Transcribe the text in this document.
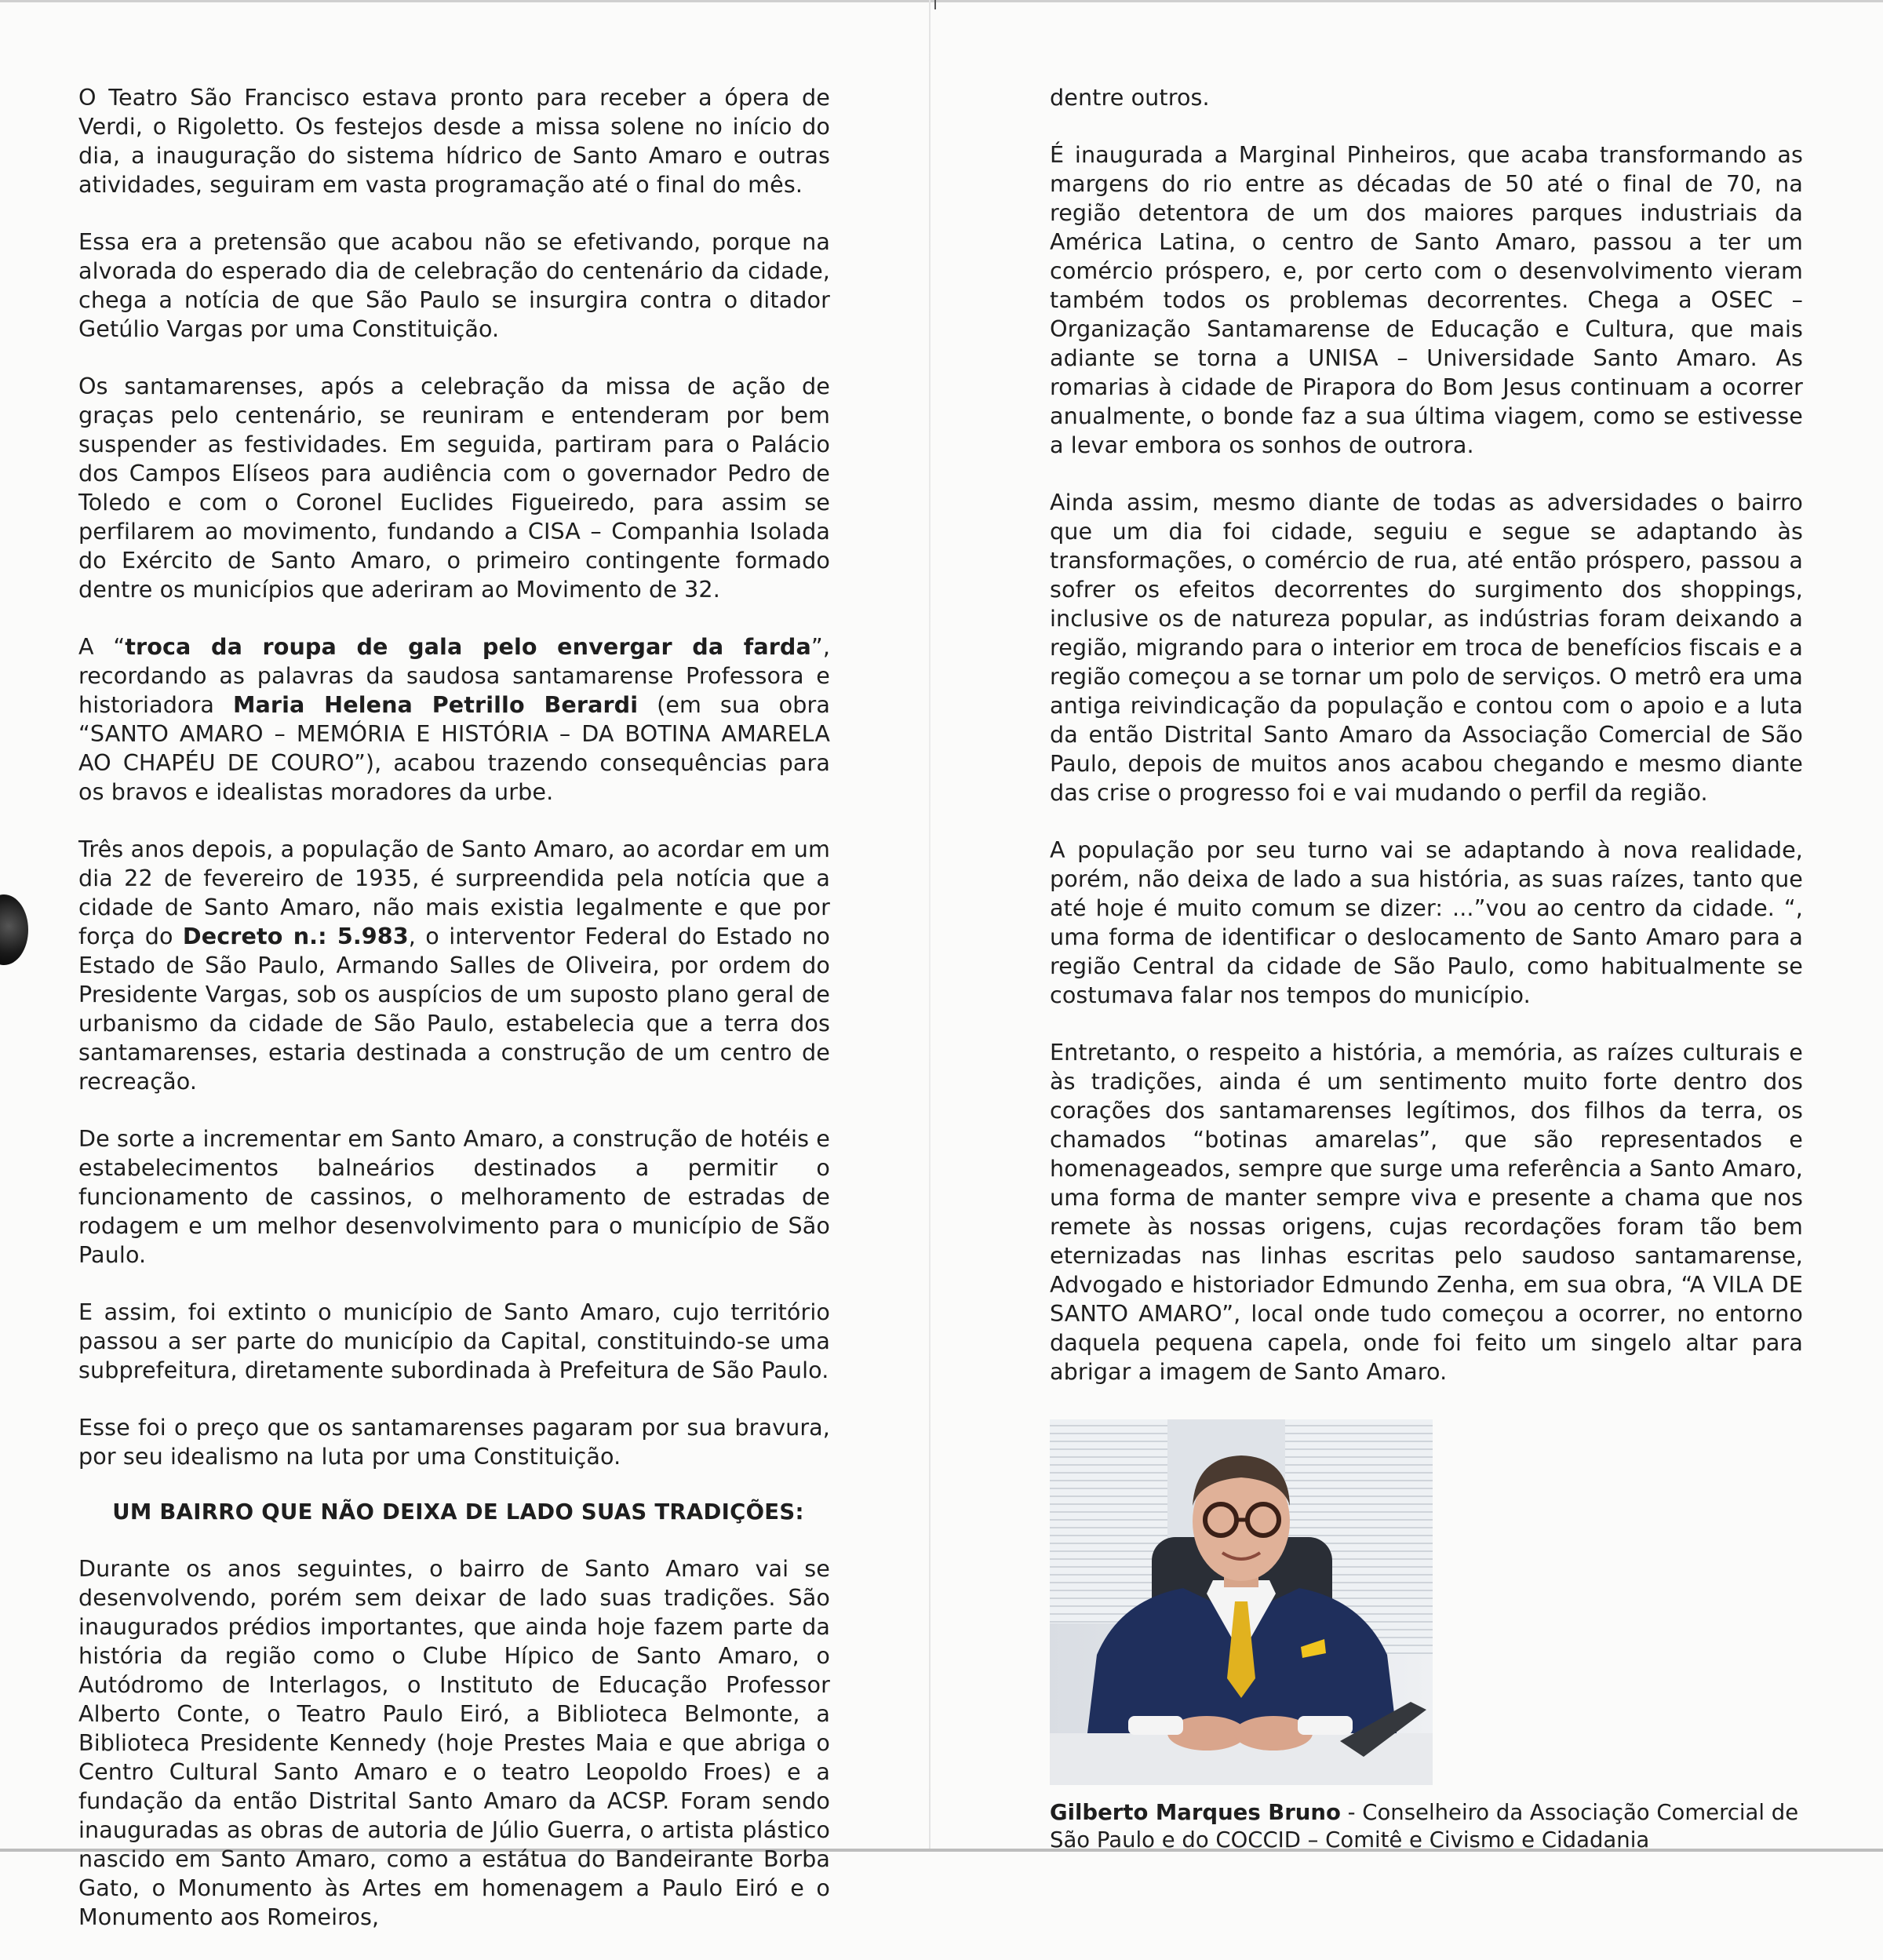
O Teatro São Francisco estava pronto para receber a ópera de Verdi, o Rigoletto. Os festejos desde a missa solene no início do dia, a inauguração do sistema hídrico de Santo Amaro e outras atividades, seguiram em vasta programação até o final do mês.

Essa era a pretensão que acabou não se efetivando, porque na alvorada do esperado dia de celebração do centenário da cidade, chega a notícia de que São Paulo se insurgira contra o ditador Getúlio Vargas por uma Constituição.

Os santamarenses, após a celebração da missa de ação de graças pelo centenário, se reuniram e entenderam por bem suspender as festividades. Em seguida, partiram para o Palácio dos Campos Elíseos para audiência com o governador Pedro de Toledo e com o Coronel Euclides Figueiredo, para assim se perfilarem ao movimento, fundando a CISA – Companhia Isolada do Exército de Santo Amaro, o primeiro contingente formado dentre os municípios que aderiram ao Movimento de 32.

A “troca da roupa de gala pelo envergar da farda”, recordando as palavras da saudosa santamarense Professora e historiadora Maria Helena Petrillo Berardi (em sua obra “SANTO AMARO – MEMÓRIA E HISTÓRIA – DA BOTINA AMARELA AO CHAPÉU DE COURO”), acabou trazendo consequências para os bravos e idealistas moradores da urbe.

Três anos depois, a população de Santo Amaro, ao acordar em um dia 22 de fevereiro de 1935, é surpreendida pela notícia que a cidade de Santo Amaro, não mais existia legalmente e que por força do Decreto n.: 5.983, o interventor Federal do Estado no Estado de São Paulo, Armando Salles de Oliveira, por ordem do Presidente Vargas, sob os auspícios de um suposto plano geral de urbanismo da cidade de São Paulo, estabelecia que a terra dos santamarenses, estaria destinada a construção de um centro de recreação.

De sorte a incrementar em Santo Amaro, a construção de hotéis e estabelecimentos balneários destinados a permitir o funcionamento de cassinos, o melhoramento de estradas de rodagem e um melhor desenvolvimento para o município de São Paulo.

E assim, foi extinto o município de Santo Amaro, cujo território passou a ser parte do município da Capital, constituindo-se uma subprefeitura, diretamente subordinada à Prefeitura de São Paulo.

Esse foi o preço que os santamarenses pagaram por sua bravura, por seu idealismo na luta por uma Constituição.

UM BAIRRO QUE NÃO DEIXA DE LADO SUAS TRADIÇÕES:

Durante os anos seguintes, o bairro de Santo Amaro vai se desenvolvendo, porém sem deixar de lado suas tradições. São inaugurados prédios importantes, que ainda hoje fazem parte da história da região como o Clube Hípico de Santo Amaro, o Autódromo de Interlagos, o Instituto de Educação Professor Alberto Conte, o Teatro Paulo Eiró, a Biblioteca Belmonte, a Biblioteca Presidente Kennedy (hoje Prestes Maia e que abriga o Centro Cultural Santo Amaro e o teatro Leopoldo Froes) e a fundação da então Distrital Santo Amaro da ACSP. Foram sendo inauguradas as obras de autoria de Júlio Guerra, o artista plástico nascido em Santo Amaro, como a estátua do Bandeirante Borba Gato, o Monumento às Artes em homenagem a Paulo Eiró e o Monumento aos Romeiros,

dentre outros.

É inaugurada a Marginal Pinheiros, que acaba transformando as margens do rio entre as décadas de 50 até o final de 70, na região detentora de um dos maiores parques industriais da América Latina, o centro de Santo Amaro, passou a ter um comércio próspero, e, por certo com o desenvolvimento vieram também todos os problemas decorrentes. Chega a OSEC – Organização Santamarense de Educação e Cultura, que mais adiante se torna a UNISA – Universidade Santo Amaro. As romarias à cidade de Pirapora do Bom Jesus continuam a ocorrer anualmente, o bonde faz a sua última viagem, como se estivesse a levar embora os sonhos de outrora.

Ainda assim, mesmo diante de todas as adversidades o bairro que um dia foi cidade, seguiu e segue se adaptando às transformações, o comércio de rua, até então próspero, passou a sofrer os efeitos decorrentes do surgimento dos shoppings, inclusive os de natureza popular, as indústrias foram deixando a região, migrando para o interior em troca de benefícios fiscais e a região começou a se tornar um polo de serviços. O metrô era uma antiga reivindicação da população e contou com o apoio e a luta da então Distrital Santo Amaro da Associação Comercial de São Paulo, depois de muitos anos acabou chegando e mesmo diante das crise o progresso foi e vai mudando o perfil da região.

A população por seu turno vai se adaptando à nova realidade, porém, não deixa de lado a sua história, as suas raízes, tanto que até hoje é muito comum se dizer: ...”vou ao centro da cidade. “, uma forma de identificar o deslocamento de Santo Amaro para a região Central da cidade de São Paulo, como habitualmente se costumava falar nos tempos do município.

Entretanto, o respeito a história, a memória, as raízes culturais e às tradições, ainda é um sentimento muito forte dentro dos corações dos santamarenses legítimos, dos filhos da terra, os chamados “botinas amarelas”, que são representados e homenageados, sempre que surge uma referência a Santo Amaro, uma forma de manter sempre viva e presente a chama que nos remete às nossas origens, cujas recordações foram tão bem eternizadas nas linhas escritas pelo saudoso santamarense, Advogado e historiador Edmundo Zenha, em sua obra, “A VILA DE SANTO AMARO”, local onde tudo começou a ocorrer, no entorno daquela pequena capela, onde foi feito um singelo altar para abrigar a imagem de Santo Amaro.

Gilberto Marques Bruno - Conselheiro da Associação Comercial de São Paulo e do COCCID – Comitê e Civismo e Cidadania
